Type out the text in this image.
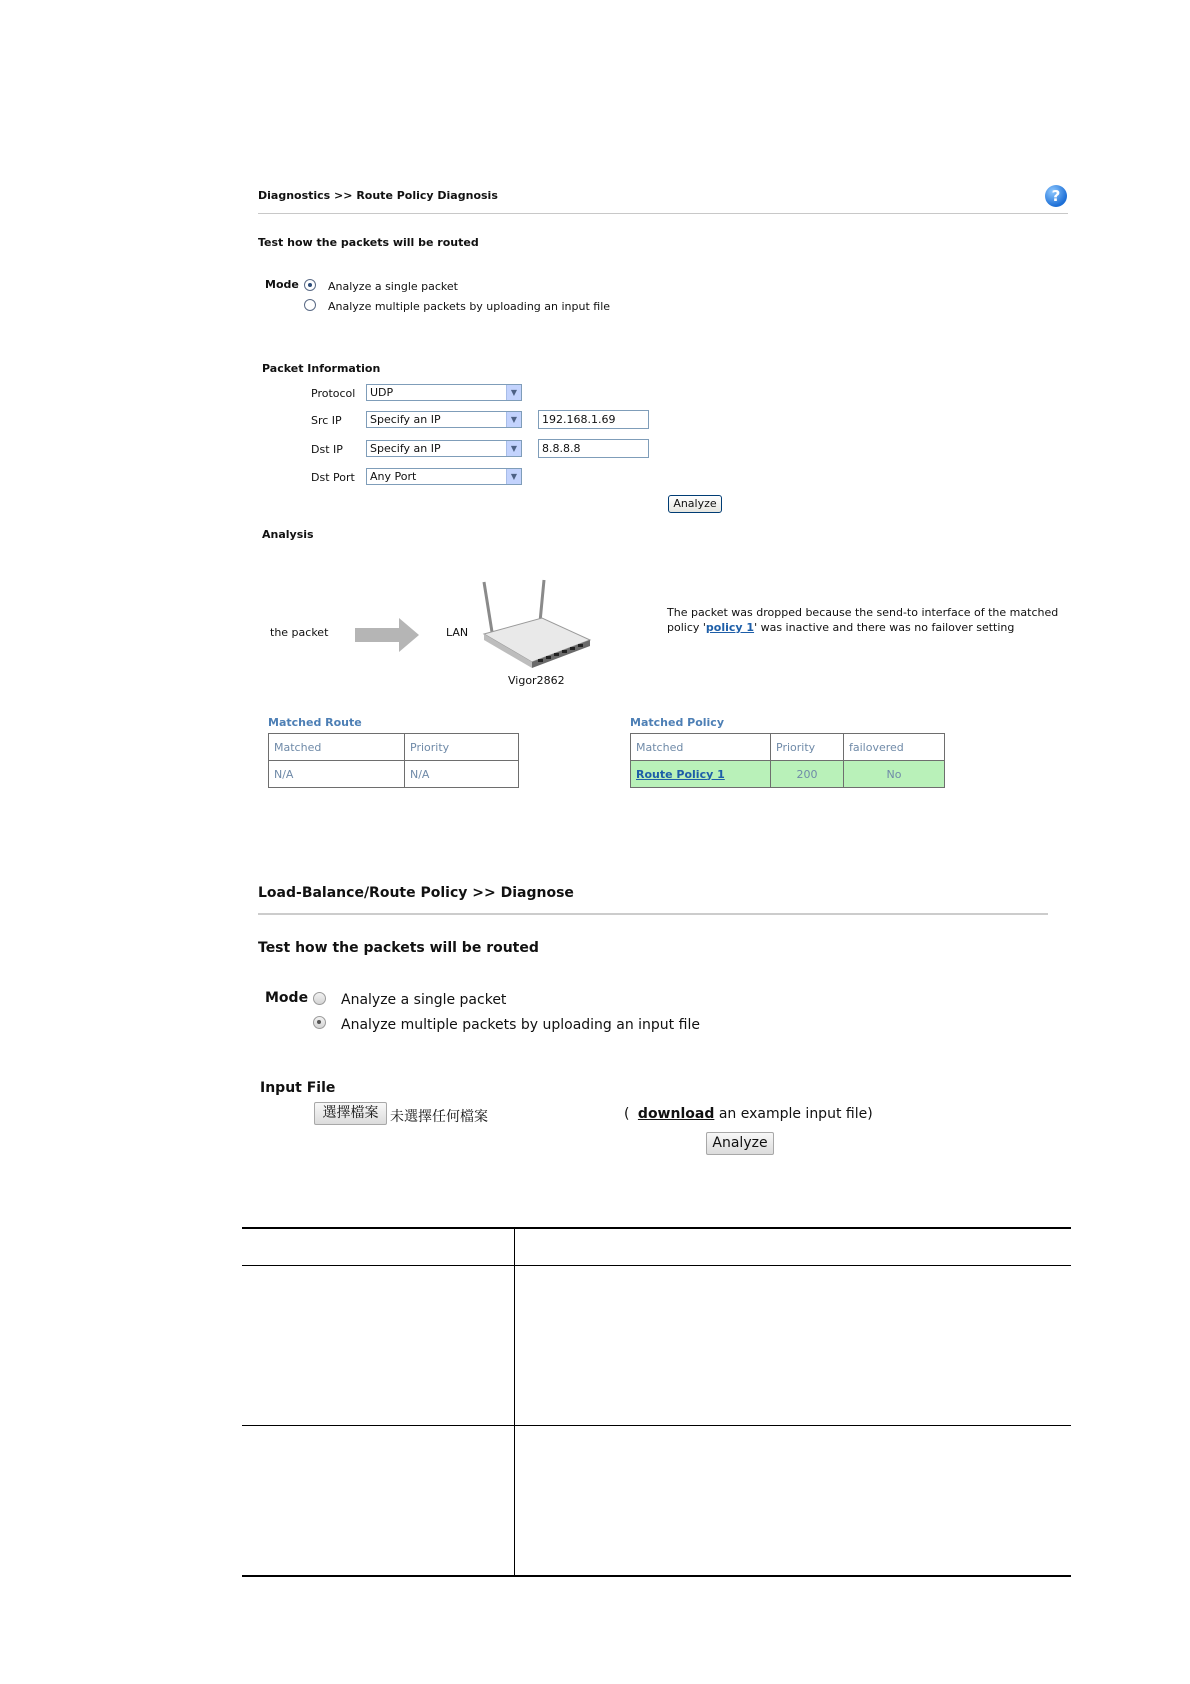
Diagnostics >> Route Policy Diagnosis	?
Test how the packets will be routed
Mode	Analyze a single packet
Analyze multiple packets by uploading an input file
Packet Information
Protocol	UDP	▼
Src IP	Specify an IP	▼	192.168.1.69
Dst IP	Specify an IP	▼	8.8.8.8
Dst Port	Any Port	▼
Analyze
Analysis
the packet	LAN
Vigor2862
The packet was dropped because the send-to interface of the matched policy 'policy 1' was inactive and there was no failover setting
Matched Route
Matched	Priority
N/A	N/A
Matched Policy
Matched	Priority	failovered
Route Policy 1	200	No
Load-Balance/Route Policy >> Diagnose
Test how the packets will be routed
Mode Analyze a single packet
Analyze multiple packets by uploading an input file
Input File
選擇檔案 未選擇任何檔案	( download an example input file)
Analyze
